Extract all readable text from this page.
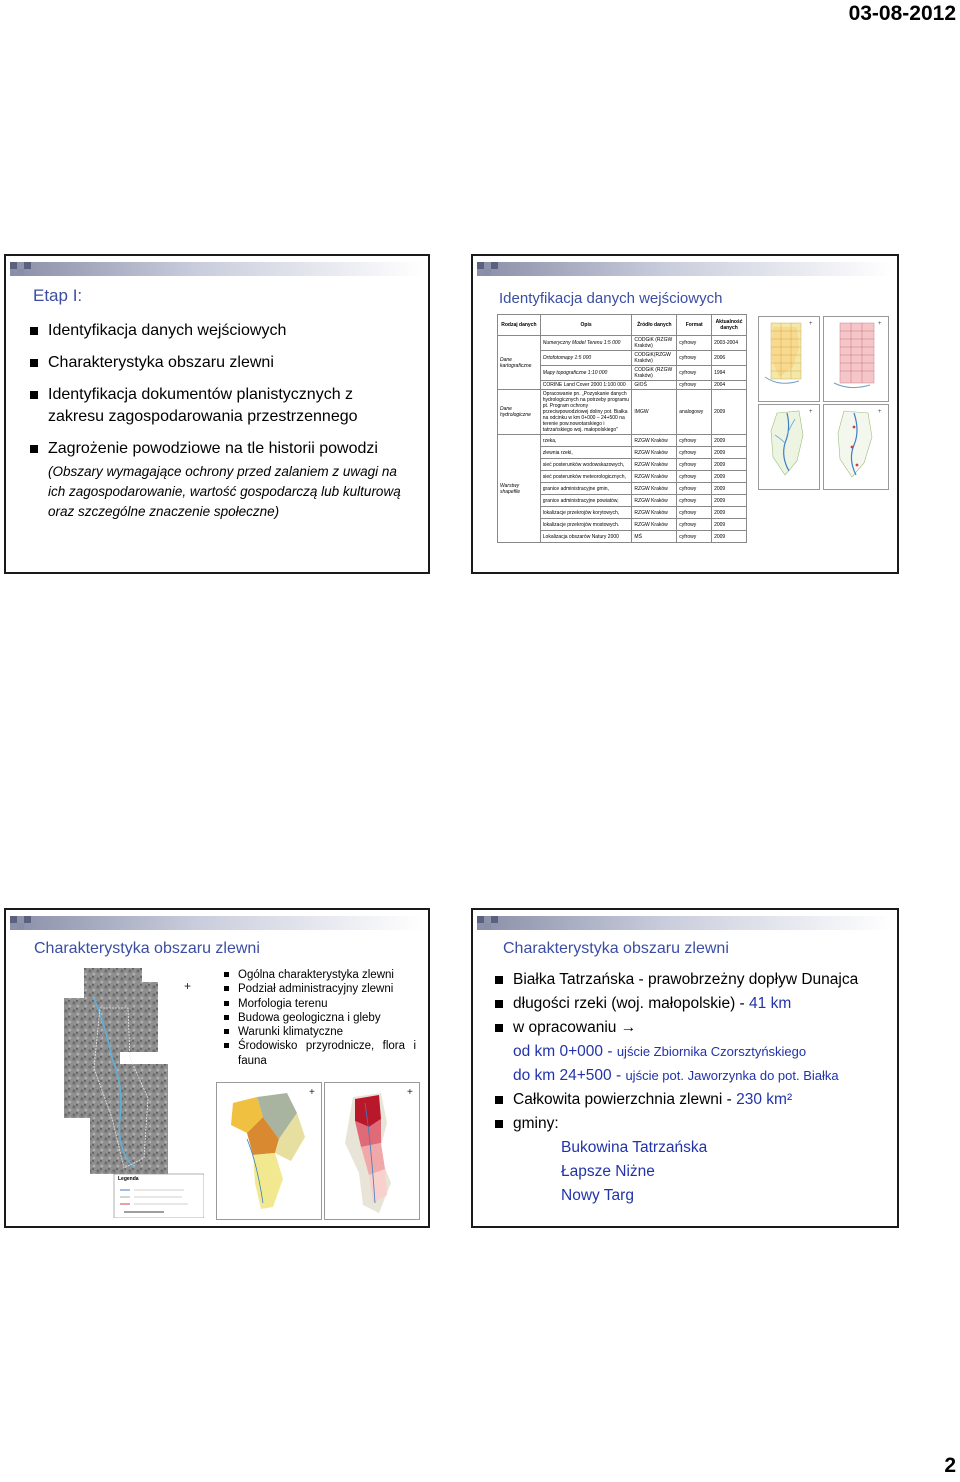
03-08-2012
Etap I:
Identyfikacja danych wejściowych
Charakterystyka obszaru zlewni
Identyfikacja dokumentów planistycznych z zakresu zagospodarowania przestrzennego
Zagrożenie powodziowe na tle historii powodzi
(Obszary wymagające ochrony przed zalaniem z uwagi na ich zagospodarowanie, wartość gospodarczą lub kulturową oraz szczególne znaczenie społeczne)
Identyfikacja danych wejściowych
Rodzaj danych	Opis	Źródło danych	Format	Aktualność danych
Dane kartograficzne	Numeryczny Model Terenu 1:5 000	CODGiK (RZGW Kraków)	cyfrowy	2003-2004
	Ortofotomapy 1:5 000	CODGiK(RZGW Kraków)	cyfrowy	2006
	Mapy topograficzne 1:10 000	CODGiK (RZGW Kraków)	cyfrowy	1994
	CORINE Land Cover 2000 1:100 000	GIOŚ	cyfrowy	2004
Dane hydrologiczne	Opracowanie pn. „Pozyskanie danych hydrologicznych na potrzeby programu pt. Program ochrony przeciwpowodziowej doliny pot. Białka na odcinku w km 0+000 – 24+500 na terenie pow.nowotarskiego i tatrzańskiego woj. małopolskiego”	IMGW	analogowy	2009
Warstwy shapefile	rzeka,	RZGW Kraków	cyfrowy	2009
	zlewnia rzeki,	RZGW Kraków	cyfrowy	2009
	sieć posterunków wodowskazowych,	RZGW Kraków	cyfrowy	2009
	sieć posterunków meteorologicznych,	RZGW Kraków	cyfrowy	2009
	granice administracyjne gmin,	RZGW Kraków	cyfrowy	2009
	granice administracyjne powiatów,	RZGW Kraków	cyfrowy	2009
	lokalizacje przekrojów korytowych,	RZGW Kraków	cyfrowy	2009
	lokalizacje przekrojów mostowych.	RZGW Kraków	cyfrowy	2009
	Lokalizacja obszarów Natury 2000	MŚ	cyfrowy	2009
+	+
+	+
Charakterystyka obszaru zlewni
+
Legenda
Ogólna charakterystyka zlewni
Podział administracyjny zlewni
Morfologia terenu
Budowa geologiczna i gleby
Warunki klimatyczne
Środowisko przyrodnicze, flora i fauna
+	+
Charakterystyka obszaru zlewni
Białka Tatrzańska - prawobrzeżny dopływ Dunajca
długości rzeki (woj. małopolskie) - 41 km
w opracowaniu →
od km 0+000 - ujście Zbiornika Czorsztyńskiego
do km 24+500 - ujście pot. Jaworzynka do pot. Białka
Całkowita powierzchnia zlewni - 230 km²
gminy:
Bukowina Tatrzańska
Łapsze Niżne
Nowy Targ
2
